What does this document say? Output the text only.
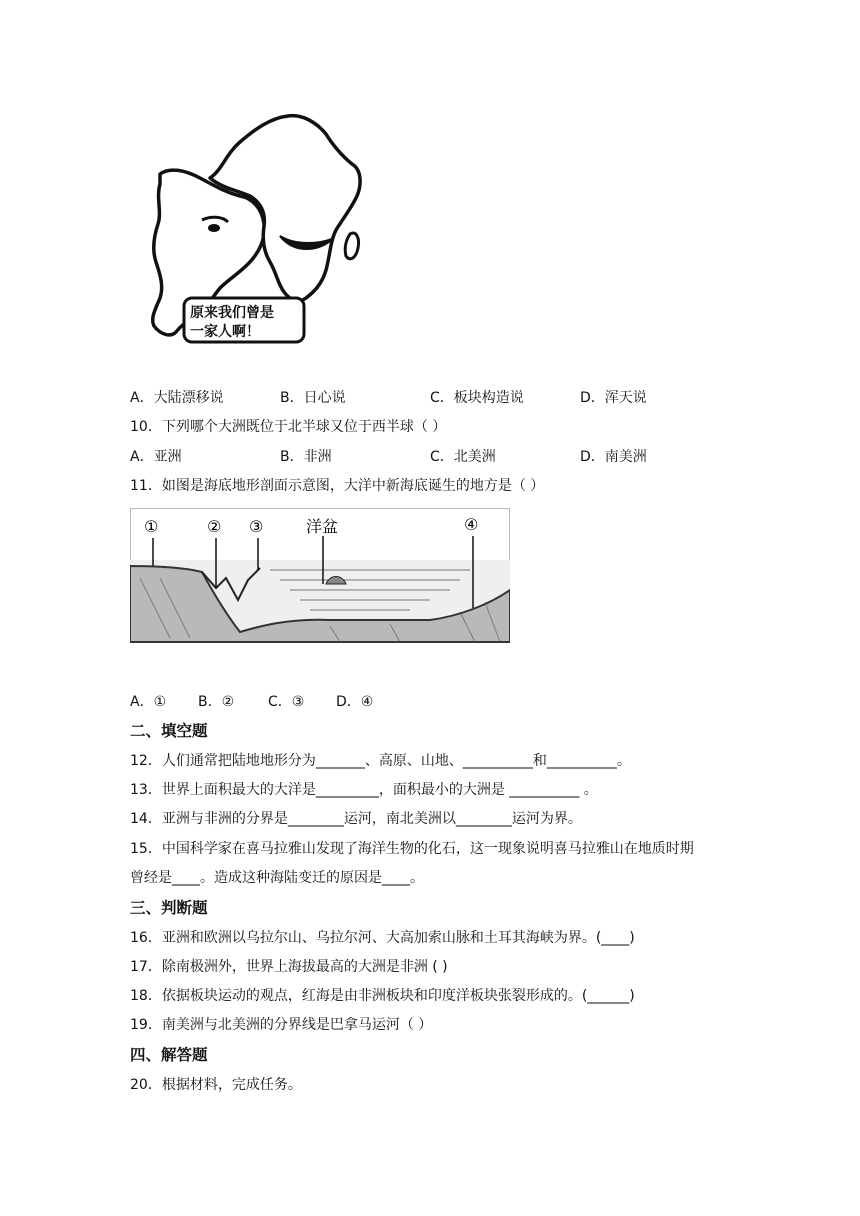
原来我们曾是
一家人啊！
A．大陆漂移说	B．日心说	C．板块构造说	D．浑天说
10．下列哪个大洲既位于北半球又位于西半球（ ）
A．亚洲	B．非洲	C．北美洲	D．南美洲
11．如图是海底地形剖面示意图，大洋中新海底诞生的地方是（ ）
①	② ③	洋盆	④
A．① B．② C．③ D．④
二、填空题
12．人们通常把陆地地形分为_______、高原、山地、__________和__________。
13．世界上面积最大的大洋是_________，面积最小的大洲是 __________ 。
14．亚洲与非洲的分界是________运河，南北美洲以________运河为界。
15．中国科学家在喜马拉雅山发现了海洋生物的化石，这一现象说明喜马拉雅山在地质时期
曾经是____。造成这种海陆变迁的原因是____。
三、判断题
16．亚洲和欧洲以乌拉尔山、乌拉尔河、大高加索山脉和土耳其海峡为界。(____)
17．除南极洲外，世界上海拔最高的大洲是非洲 ( )
18．依据板块运动的观点，红海是由非洲板块和印度洋板块张裂形成的。(______)
19．南美洲与北美洲的分界线是巴拿马运河（ ）
四、解答题
20．根据材料，完成任务。
